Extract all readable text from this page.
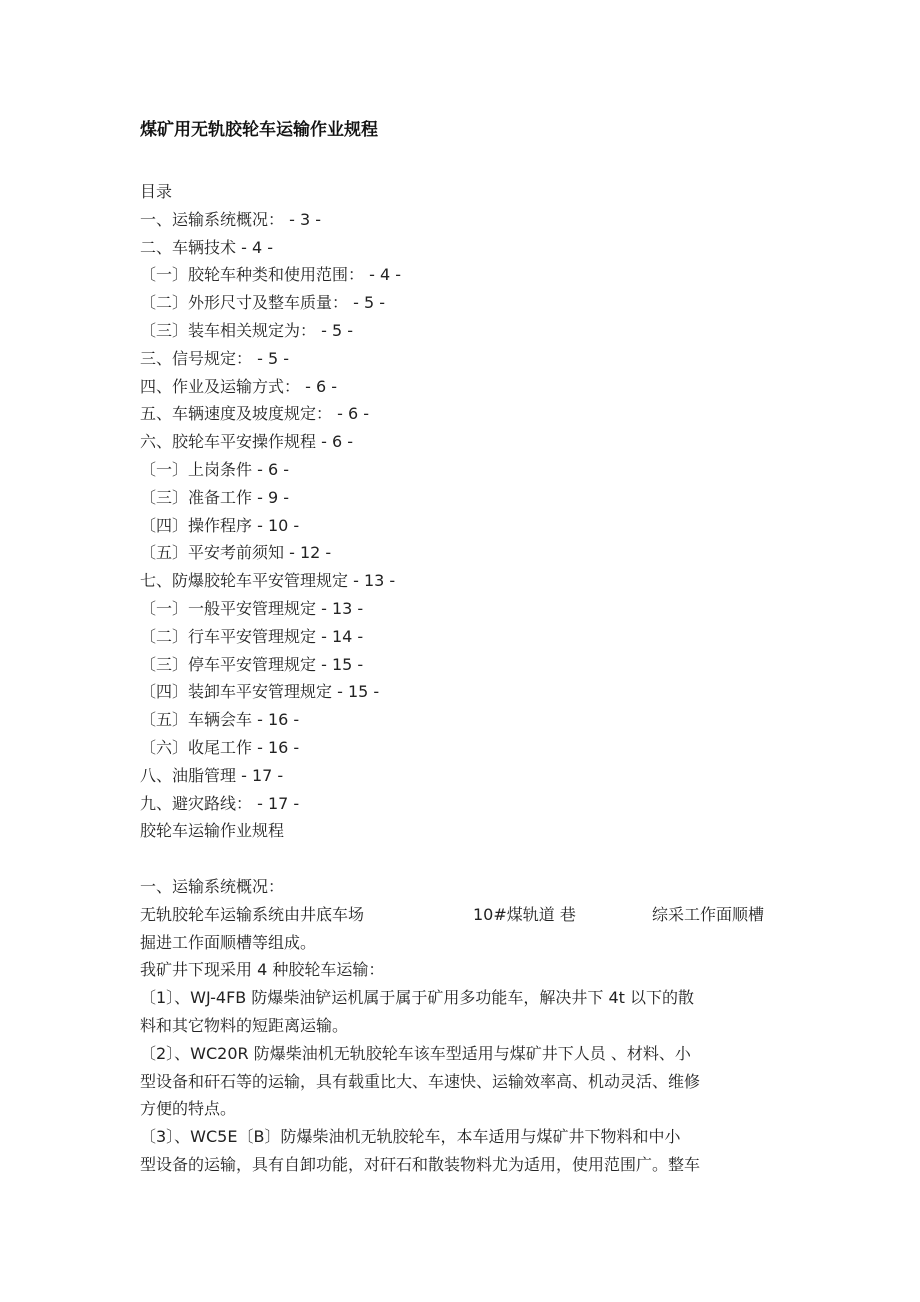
煤矿用无轨胶轮车运输作业规程
目录
一、运输系统概况： - 3 -
二、车辆技术 - 4 -
〔一〕胶轮车种类和使用范围： - 4 -
〔二〕外形尺寸及整车质量： - 5 -
〔三〕装车相关规定为： - 5 -
三、信号规定： - 5 -
四、作业及运输方式： - 6 -
五、车辆速度及坡度规定： - 6 -
六、胶轮车平安操作规程 - 6 -
〔一〕上岗条件 - 6 -
〔三〕准备工作 - 9 -
〔四〕操作程序 - 10 -
〔五〕平安考前须知 - 12 -
七、防爆胶轮车平安管理规定 - 13 -
〔一〕一般平安管理规定 - 13 -
〔二〕行车平安管理规定 - 14 -
〔三〕停车平安管理规定 - 15 -
〔四〕装卸车平安管理规定 - 15 -
〔五〕车辆会车 - 16 -
〔六〕收尾工作 - 16 -
八、油脂管理 - 17 -
九、避灾路线： - 17 -
胶轮车运输作业规程
一、运输系统概况：
无轨胶轮车运输系统由井底车场	10#煤轨道 巷	综采工作面顺槽
掘进工作面顺槽等组成。
我矿井下现采用 4 种胶轮车运输：
〔1〕、WJ-4FB 防爆柴油铲运机属于属于矿用多功能车，解决井下 4t 以下的散
料和其它物料的短距离运输。
〔2〕、WC20R 防爆柴油机无轨胶轮车该车型适用与煤矿井下人员 、材料、小
型设备和矸石等的运输，具有载重比大、车速快、运输效率高、机动灵活、维修
方便的特点。
〔3〕、WC5E〔B〕防爆柴油机无轨胶轮车，本车适用与煤矿井下物料和中小
型设备的运输，具有自卸功能，对矸石和散装物料尤为适用，使用范围广。整车
